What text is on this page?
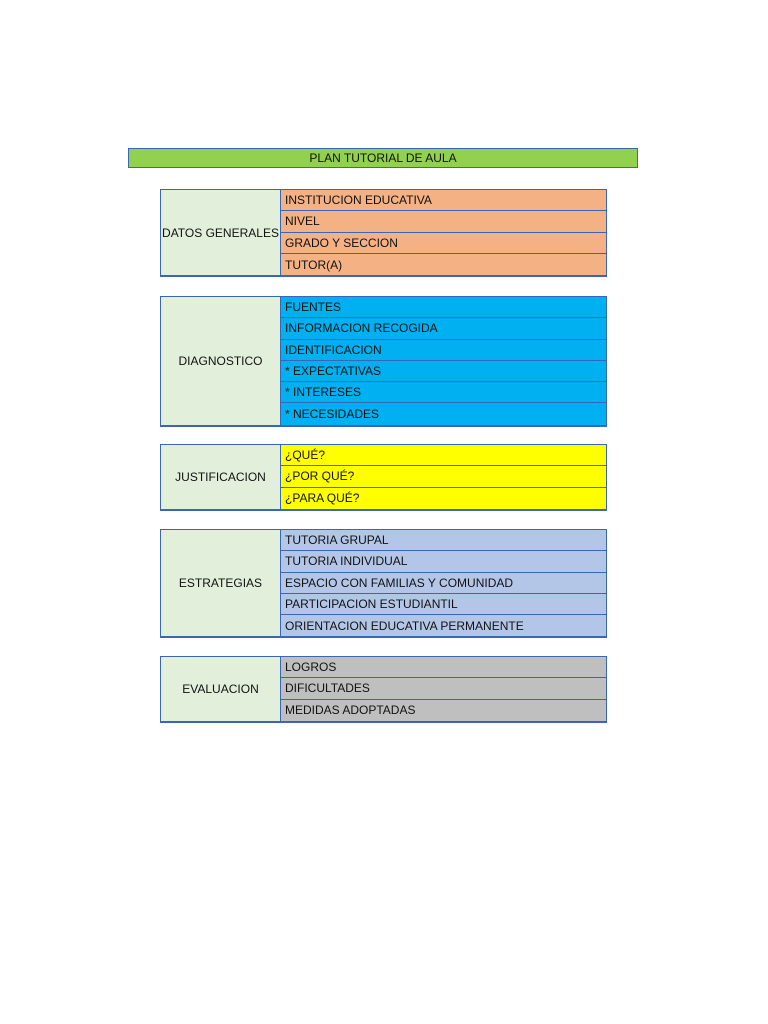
PLAN TUTORIAL DE AULA
DATOS GENERALES
INSTITUCION EDUCATIVA
NIVEL
GRADO Y SECCION
TUTOR(A)
DIAGNOSTICO
FUENTES
INFORMACION RECOGIDA
IDENTIFICACION
* EXPECTATIVAS
* INTERESES
* NECESIDADES
JUSTIFICACION
¿QUÉ?
¿POR QUÉ?
¿PARA QUÉ?
ESTRATEGIAS
TUTORIA GRUPAL
TUTORIA INDIVIDUAL
ESPACIO CON FAMILIAS Y COMUNIDAD
PARTICIPACION ESTUDIANTIL
ORIENTACION EDUCATIVA PERMANENTE
EVALUACION
LOGROS
DIFICULTADES
MEDIDAS ADOPTADAS
